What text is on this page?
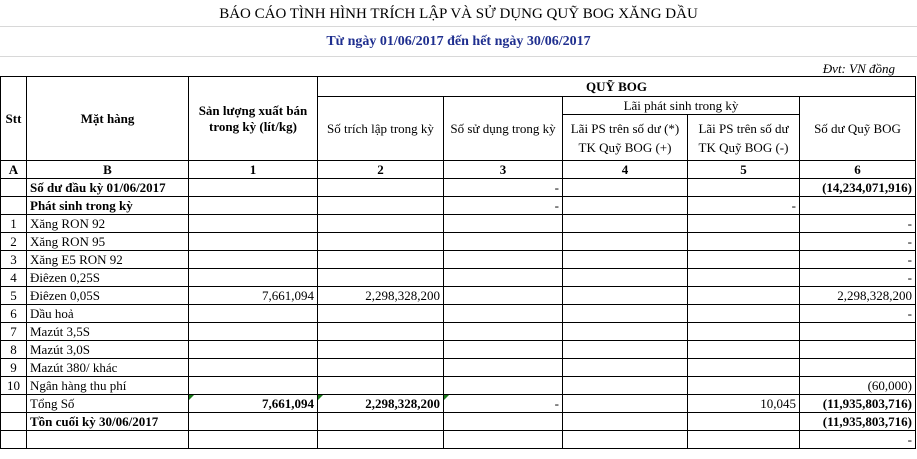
BÁO CÁO TÌNH HÌNH TRÍCH LẬP VÀ SỬ DỤNG QUỸ BOG XĂNG DẦU
Từ ngày 01/06/2017 đến hết ngày 30/06/2017
Đvt: VN đồng
Stt	Mặt hàng	Sản lượng xuất bán trong kỳ (lít/kg)	QUỸ BOG				
			Số trích lập trong kỳ	Số sử dụng trong kỳ	Lãi phát sinh trong kỳ		Số dư Quỹ BOG
					Lãi PS trên số dư (*) TK Quỹ BOG (+)	Lãi PS trên số dư TK Quỹ BOG (-)	
A	B	1	2	3	4	5	6
	Số dư đầu kỳ 01/06/2017			-			(14,234,071,916)
	Phát sinh trong kỳ			-		-	
1	Xăng RON 92						-
2	Xăng RON 95						-
3	Xăng E5 RON 92						-
4	Điêzen 0,25S						-
5	Điêzen 0,05S	7,661,094	2,298,328,200				2,298,328,200
6	Dầu hoả						-
7	Mazút 3,5S						
8	Mazút 3,0S						
9	Mazút 380/ khác						
10	Ngân hàng thu phí						(60,000)
	Tổng Số	7,661,094	2,298,328,200	-		10,045	(11,935,803,716)
	Tồn cuối kỳ 30/06/2017						(11,935,803,716)
							-
